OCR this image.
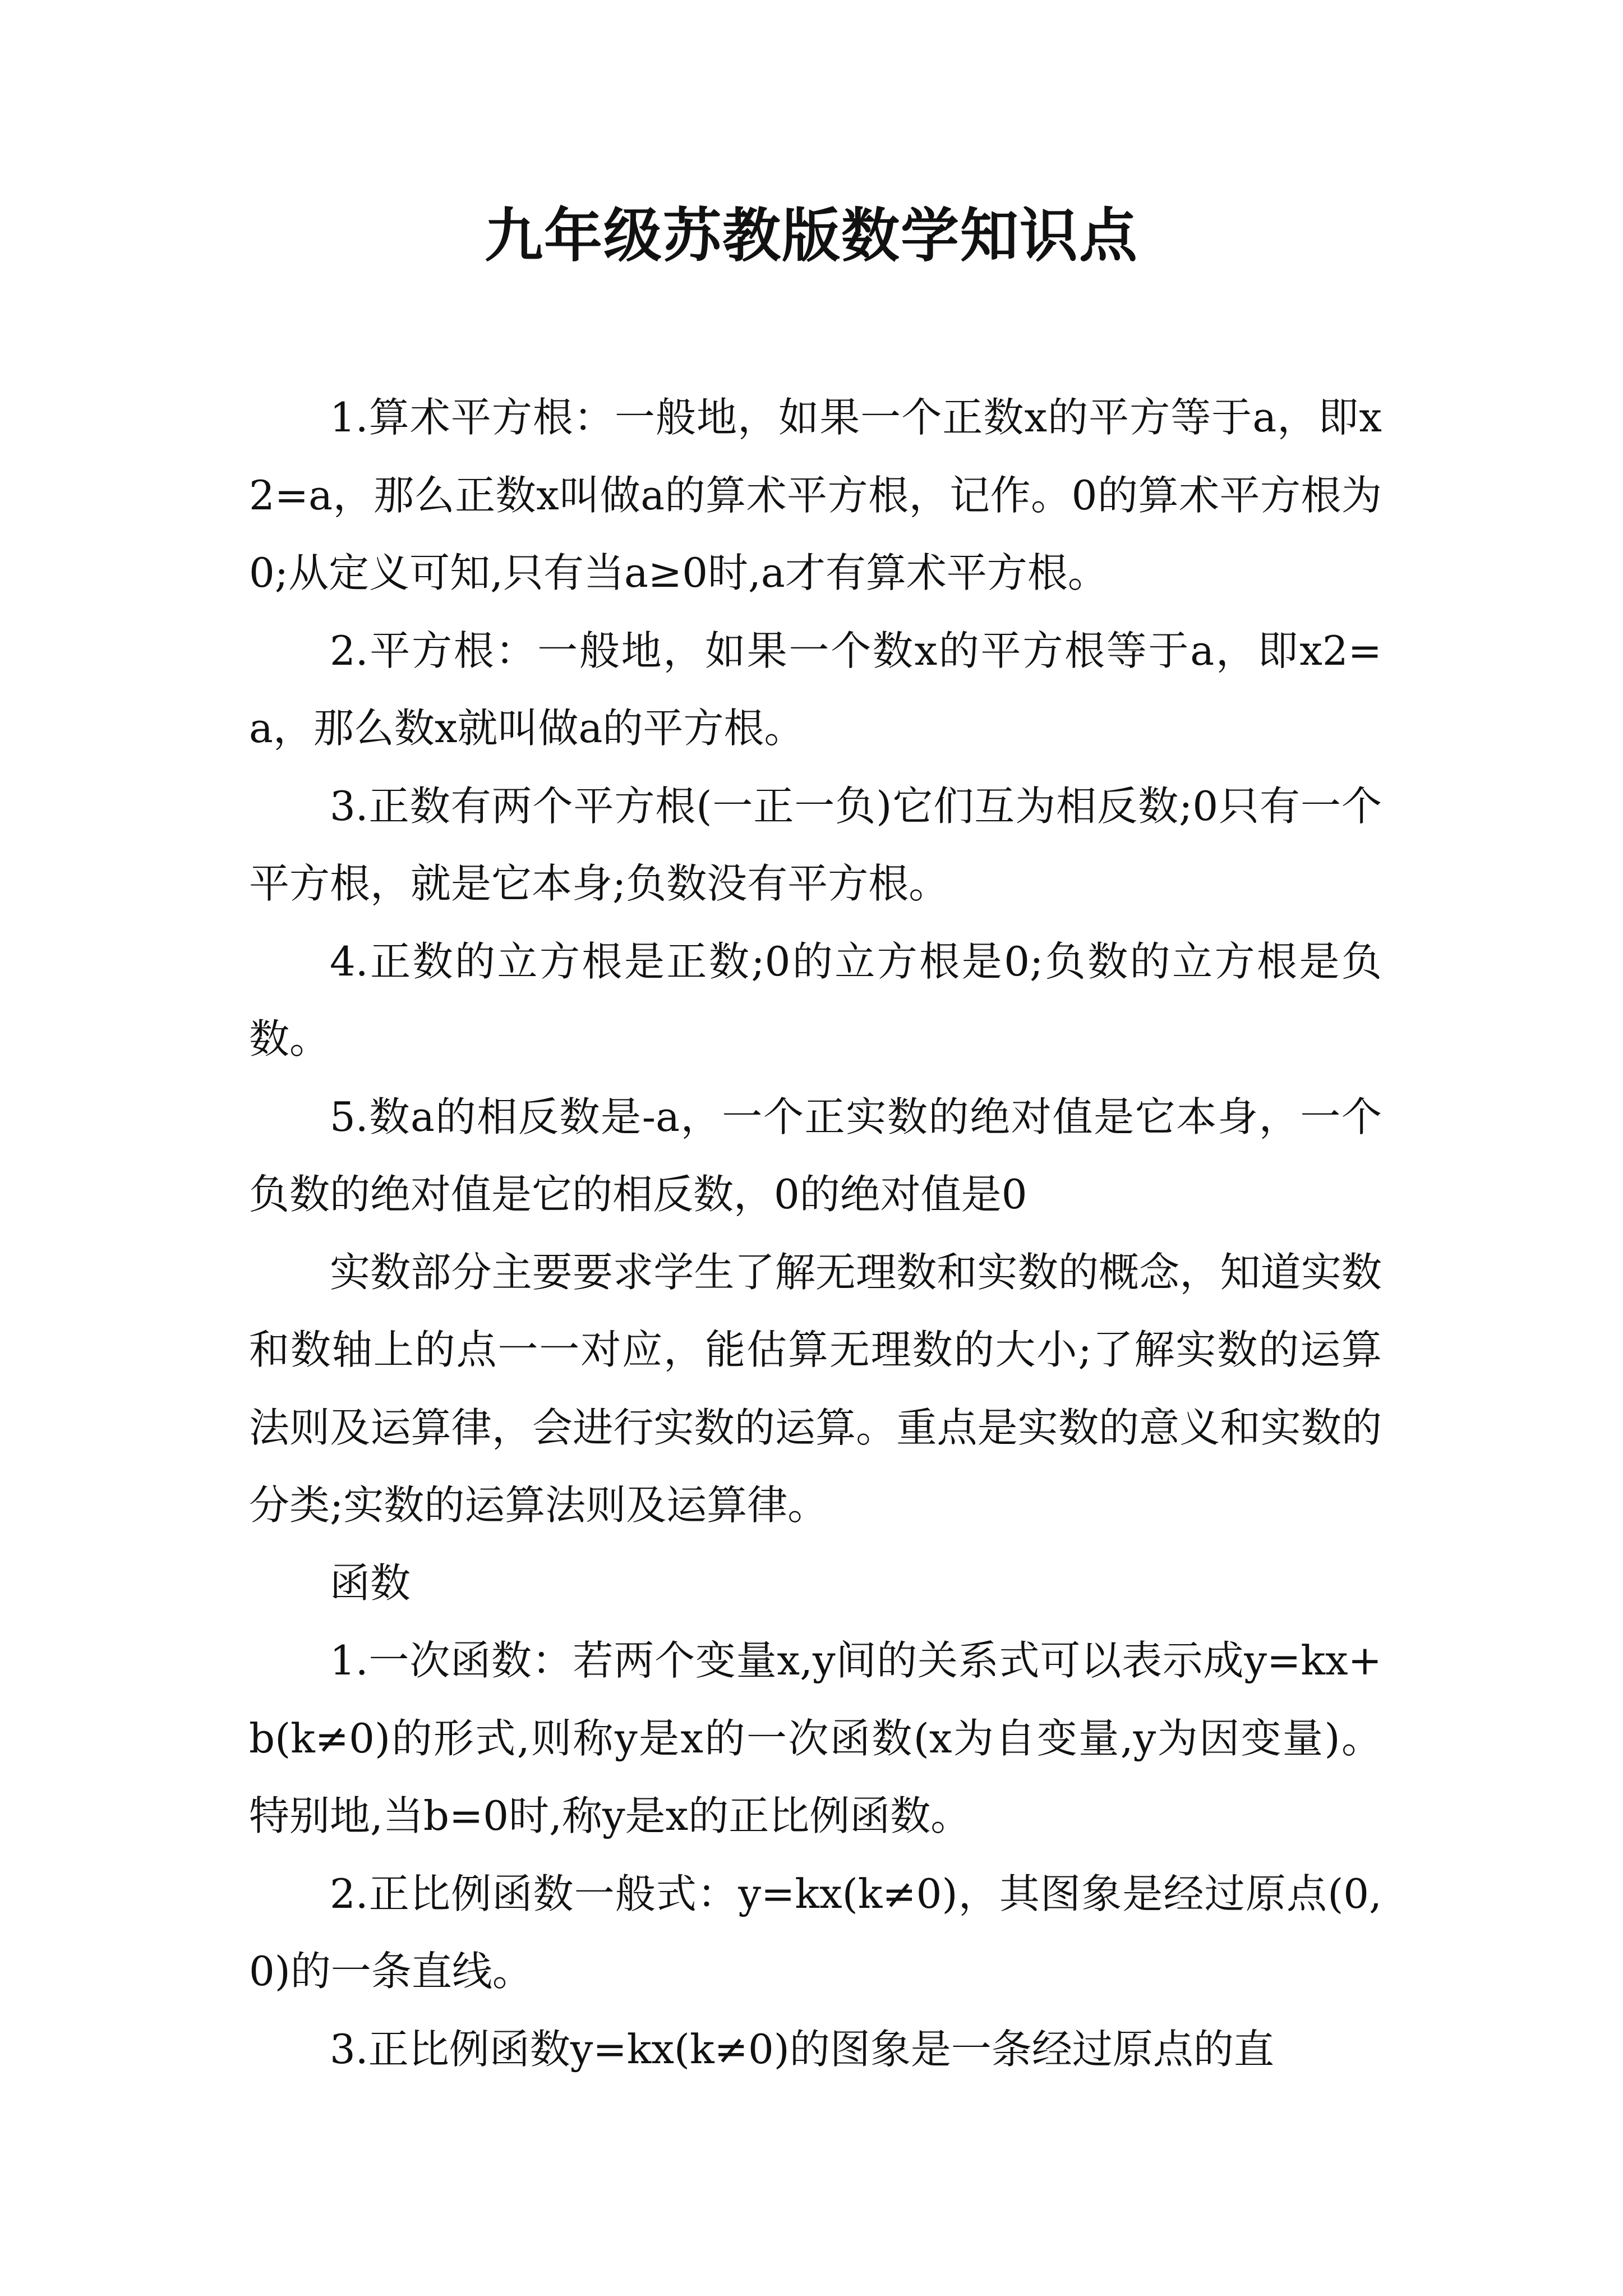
九年级苏教版数学知识点

1.算术平方根：一般地，如果一个正数x的平方等于a，即x2=a，那么正数x叫做a的算术平方根，记作。0的算术平方根为0;从定义可知,只有当a≥0时,a才有算术平方根。

2.平方根：一般地，如果一个数x的平方根等于a，即x2=a，那么数x就叫做a的平方根。

3.正数有两个平方根(一正一负)它们互为相反数;0只有一个平方根，就是它本身;负数没有平方根。

4.正数的立方根是正数;0的立方根是0;负数的立方根是负数。

5.数a的相反数是-a，一个正实数的绝对值是它本身，一个负数的绝对值是它的相反数，0的绝对值是0

实数部分主要要求学生了解无理数和实数的概念，知道实数和数轴上的点一一对应，能估算无理数的大小;了解实数的运算法则及运算律，会进行实数的运算。重点是实数的意义和实数的分类;实数的运算法则及运算律。

函数

1.一次函数：若两个变量x,y间的关系式可以表示成y=kx+b(k≠0)的形式,则称y是x的一次函数(x为自变量,y为因变量)。特别地,当b=0时,称y是x的正比例函数。

2.正比例函数一般式：y=kx(k≠0)，其图象是经过原点(0,0)的一条直线。

3.正比例函数y=kx(k≠0)的图象是一条经过原点的直
